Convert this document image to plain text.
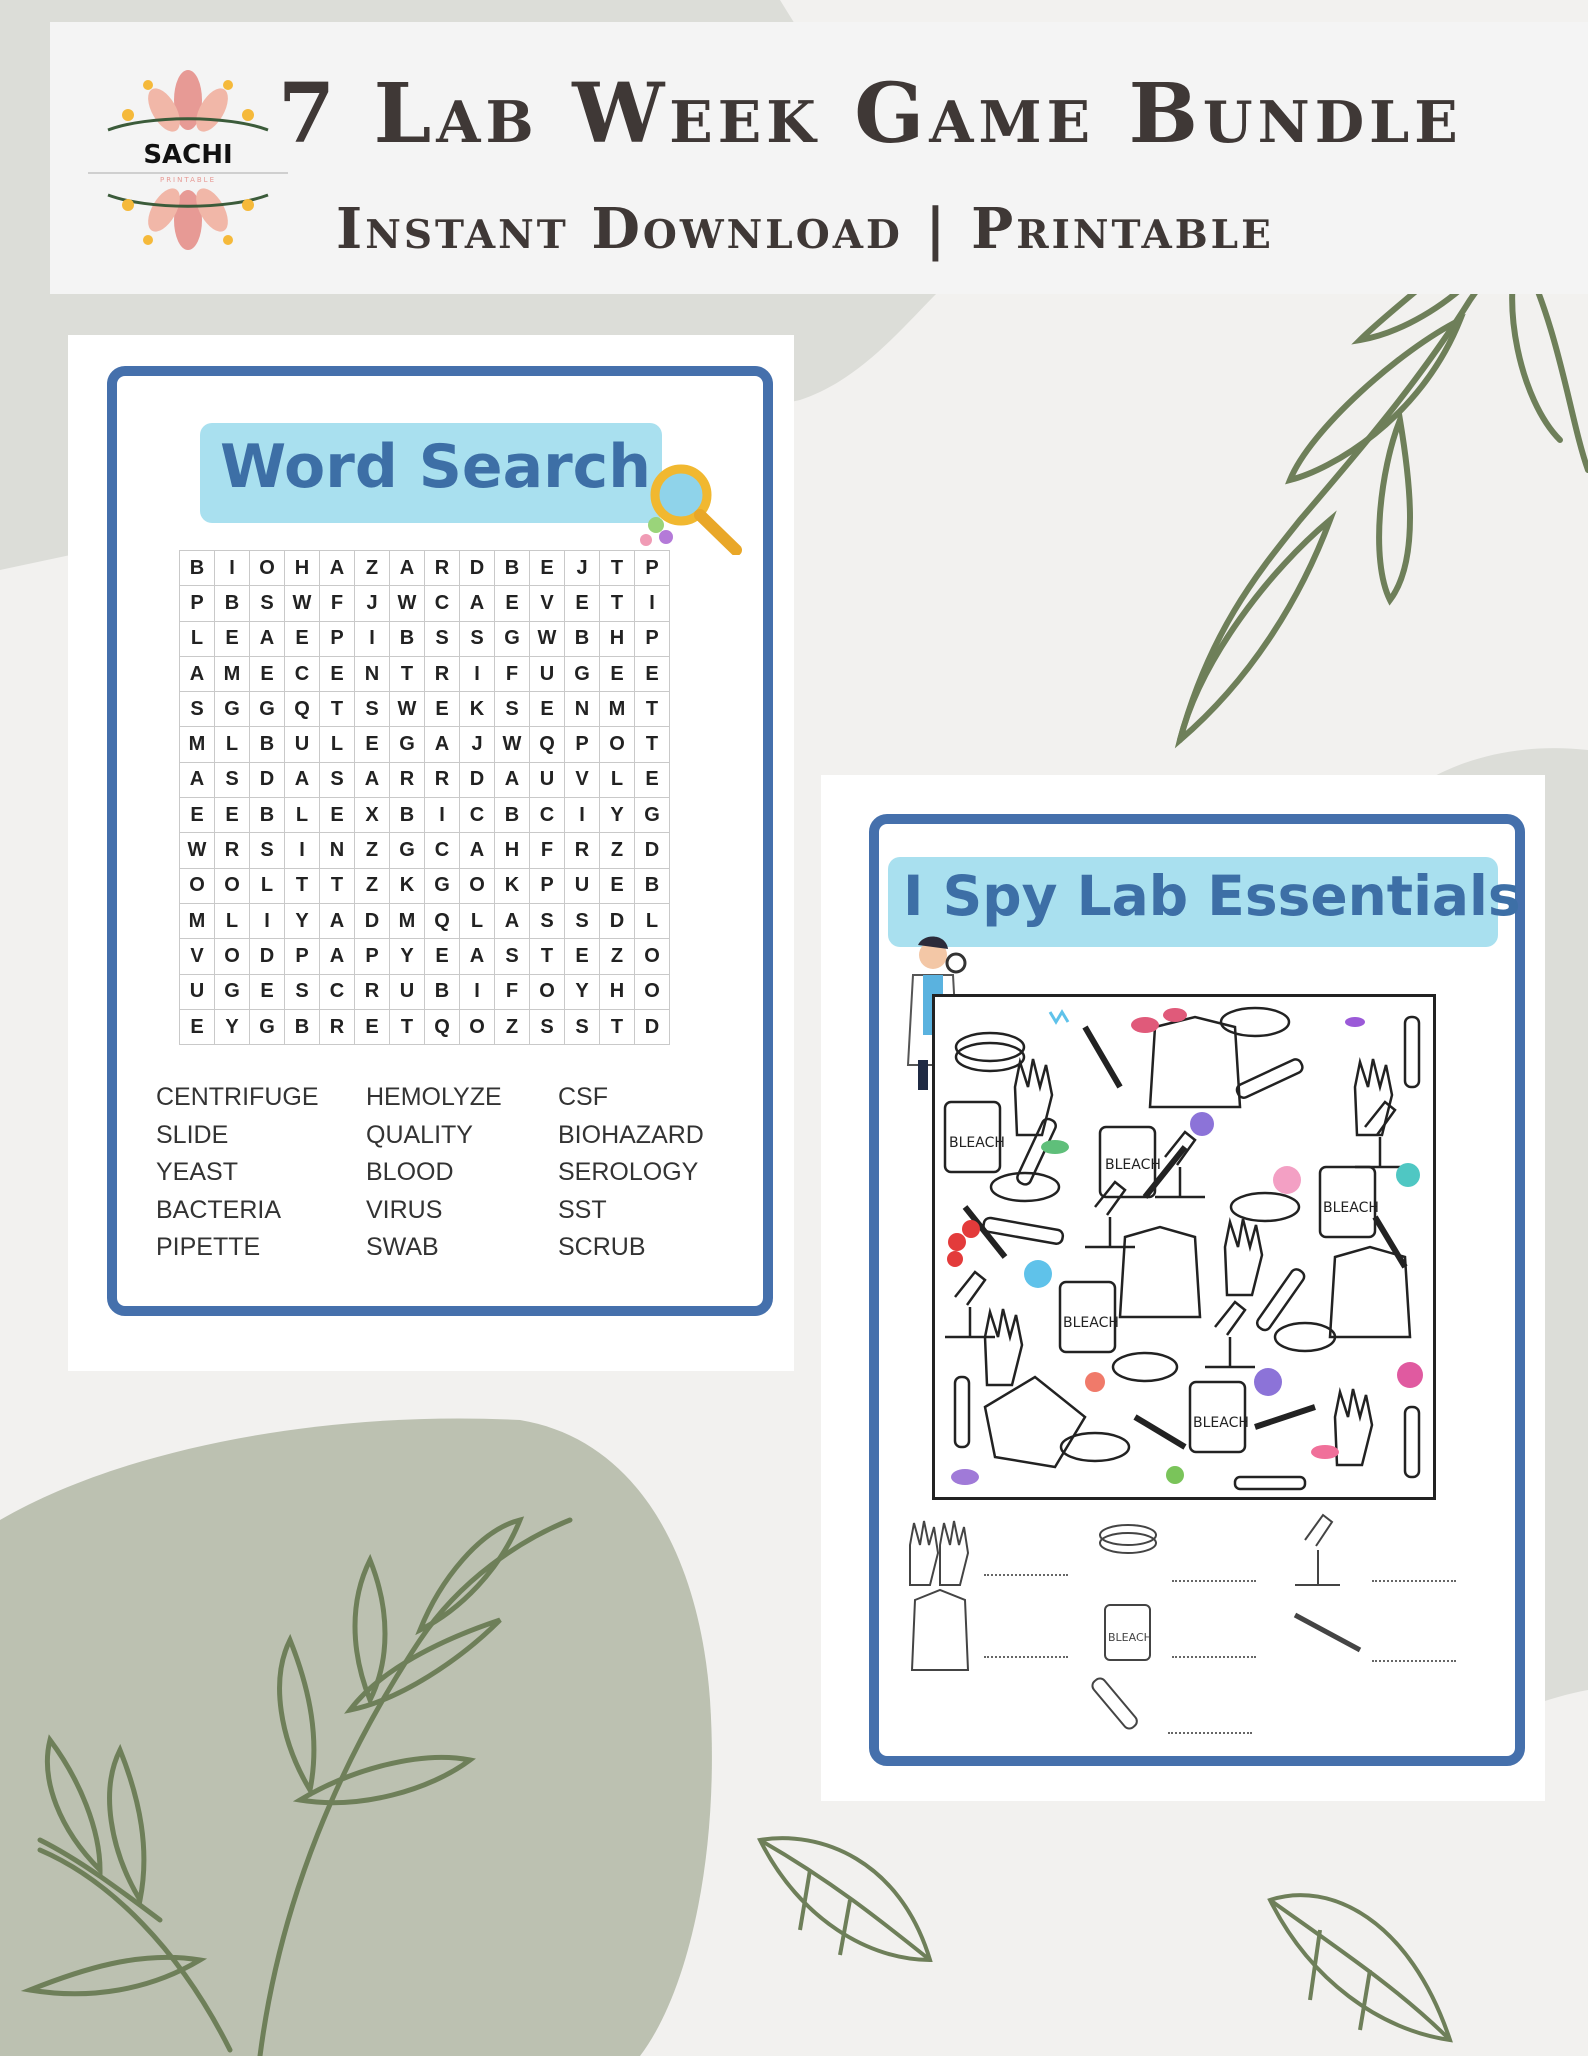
SACHI
PRINTABLE
7 Lab Week Game Bundle
Instant Download | Printable
Word Search
B	I	O	H	A	Z	A	R	D	B	E	J	T	P
P	B	S	W	F	J	W	C	A	E	V	E	T	I
L	E	A	E	P	I	B	S	S	G	W	B	H	P
A	M	E	C	E	N	T	R	I	F	U	G	E	E
S	G	G	Q	T	S	W	E	K	S	E	N	M	T
M	L	B	U	L	E	G	A	J	W	Q	P	O	T
A	S	D	A	S	A	R	R	D	A	U	V	L	E
E	E	B	L	E	X	B	I	C	B	C	I	Y	G
W	R	S	I	N	Z	G	C	A	H	F	R	Z	D
O	O	L	T	T	Z	K	G	O	K	P	U	E	B
M	L	I	Y	A	D	M	Q	L	A	S	S	D	L
V	O	D	P	A	P	Y	E	A	S	T	E	Z	O
U	G	E	S	C	R	U	B	I	F	O	Y	H	O
E	Y	G	B	R	E	T	Q	O	Z	S	S	T	D
CENTRIFUGE
SLIDE
YEAST
BACTERIA
PIPETTE
HEMOLYZE
QUALITY
BLOOD
VIRUS
SWAB
CSF
BIOHAZARD
SEROLOGY
SST
SCRUB
I Spy Lab Essentials
BLEACH
BLEACH
BLEACH
BLEACH
BLEACH
BLEACH
